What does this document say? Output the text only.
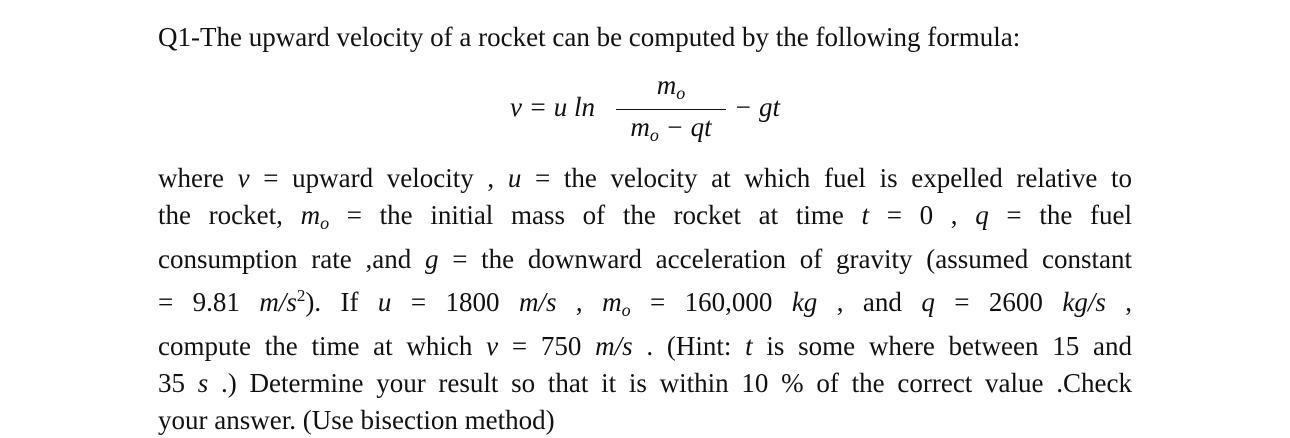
Q1-The upward velocity of a rocket can be computed by the following formula:
v = u ln
$m_o$
$m_o$ − qt
− gt
where v = upward velocity , u = the velocity at which fuel is expelled relative to
the rocket, $m_o$ = the initial mass of the rocket at time t = 0 , q = the fuel
consumption rate ,and g = the downward acceleration of gravity (assumed constant
= 9.81 $m/s^2$). If u = 1800 m/s , $m_o = 160,000$ kg , and q = 2600 kg/s ,
compute the time at which v = 750 m/s . (Hint: t is some where between 15 and
35 s .) Determine your result so that it is within 10 % of the correct value .Check
your answer. (Use bisection method)
